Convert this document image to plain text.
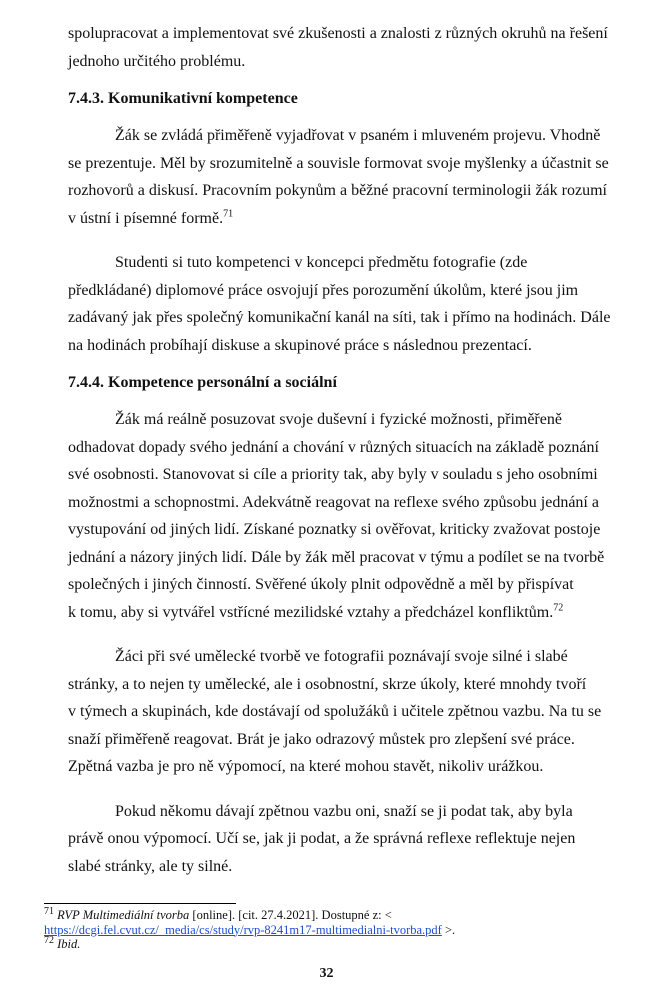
spolupracovat a implementovat své zkušenosti a znalosti z různých okruhů na řešení
jednoho určitého problému.
7.4.3. Komunikativní kompetence
Žák se zvládá přiměřeně vyjadřovat v psaném i mluveném projevu. Vhodně
se prezentuje. Měl by srozumitelně a souvisle formovat svoje myšlenky a účastnit se
rozhovorů a diskusí. Pracovním pokynům a běžné pracovní terminologii žák rozumí
v ústní i písemné formě.$^{71}$
Studenti si tuto kompetenci v koncepci předmětu fotografie (zde
předkládané) diplomové práce osvojují přes porozumění úkolům, které jsou jim
zadávaný jak přes společný komunikační kanál na síti, tak i přímo na hodinách. Dále
na hodinách probíhají diskuse a skupinové práce s následnou prezentací.
7.4.4. Kompetence personální a sociální
Žák má reálně posuzovat svoje duševní i fyzické možnosti, přiměřeně
odhadovat dopady svého jednání a chování v různých situacích na základě poznání
své osobnosti. Stanovovat si cíle a priority tak, aby byly v souladu s jeho osobními
možnostmi a schopnostmi. Adekvátně reagovat na reflexe svého způsobu jednání a
vystupování od jiných lidí. Získané poznatky si ověřovat, kriticky zvažovat postoje
jednání a názory jiných lidí. Dále by žák měl pracovat v týmu a podílet se na tvorbě
společných i jiných činností. Svěřené úkoly plnit odpovědně a měl by přispívat
k tomu, aby si vytvářel vstřícné mezilidské vztahy a předcházel konfliktům.$^{72}$
Žáci při své umělecké tvorbě ve fotografii poznávají svoje silné i slabé
stránky, a to nejen ty umělecké, ale i osobnostní, skrze úkoly, které mnohdy tvoří
v týmech a skupinách, kde dostávají od spolužáků i učitele zpětnou vazbu. Na tu se
snaží přiměřeně reagovat. Brát je jako odrazový můstek pro zlepšení své práce.
Zpětná vazba je pro ně výpomocí, na které mohou stavět, nikoliv urážkou.
Pokud někomu dávají zpětnou vazbu oni, snaží se ji podat tak, aby byla
právě onou výpomocí. Učí se, jak ji podat, a že správná reflexe reflektuje nejen
slabé stránky, ale ty silné.
$^{71}$ RVP Multimediální tvorba [online]. [cit. 27.4.2021]. Dostupné z: <
https://dcgi.fel.cvut.cz/_media/cs/study/rvp-8241m17-multimedialni-tvorba.pdf >.
$^{72}$ Ibid.
32
